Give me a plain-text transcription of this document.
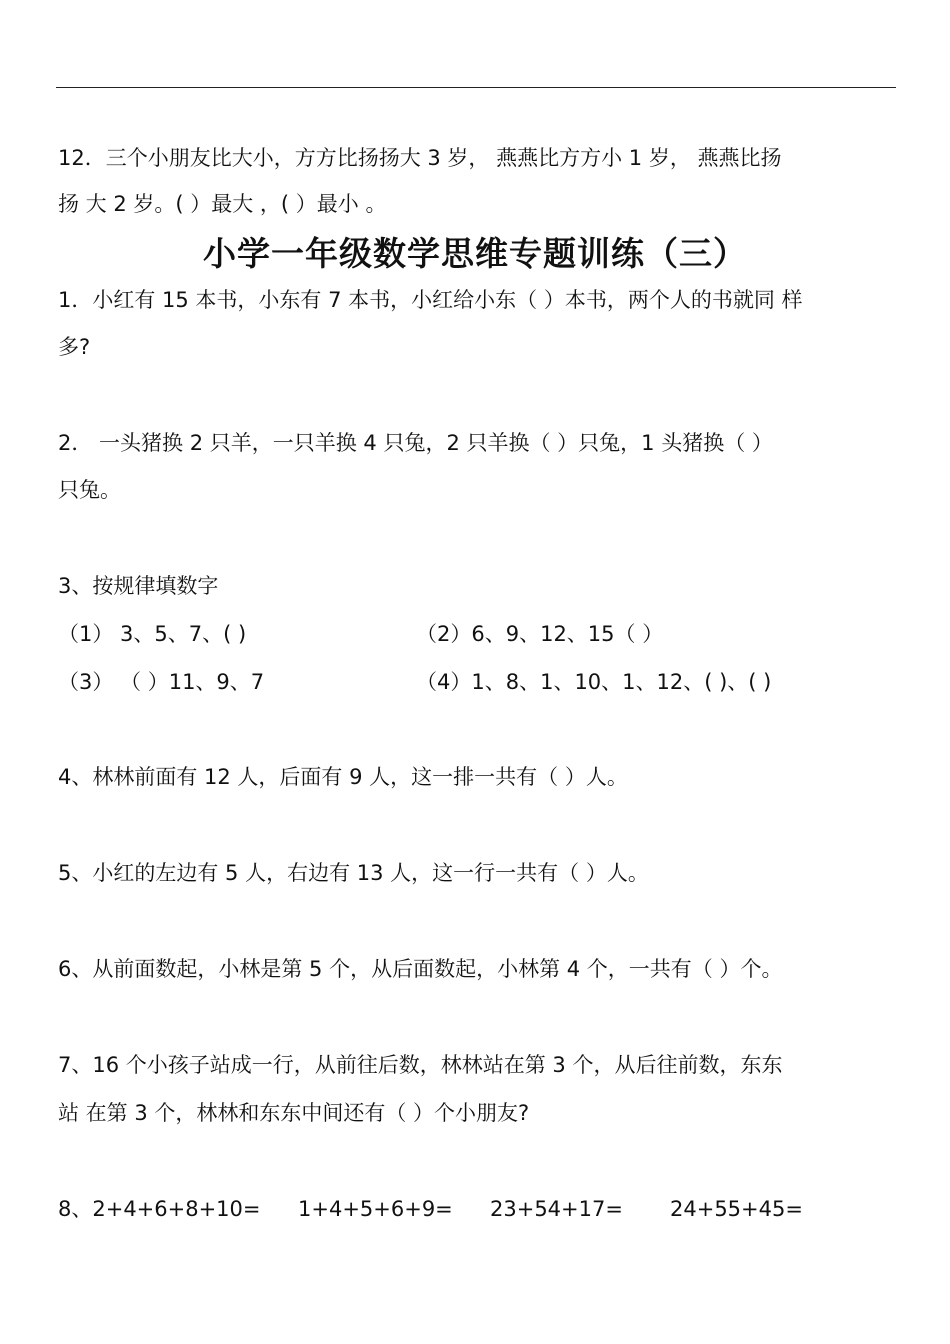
12．三个小朋友比大小，方方比扬扬大 3 岁， 燕燕比方方小 1 岁， 燕燕比扬

扬 大 2 岁。( ）最大 ，( ）最小 。

小学一年级数学思维专题训练（三）

1．小红有 15 本书，小东有 7 本书，小红给小东（ ）本书，两个人的书就同 样

多?

2． 一头猪换 2 只羊，一只羊换 4 只兔，2 只羊换（ ）只兔，1 头猪换（ ）

只兔。

3、按规律填数字

（1） 3、5、7、( )	（2）6、9、12、15（ ）

（3） （ ）11、9、7	（4）1、8、1、10、1、12、( )、( )

4、林林前面有 12 人，后面有 9 人，这一排一共有（ ）人。

5、小红的左边有 5 人，右边有 13 人，这一行一共有（ ）人。

6、从前面数起，小林是第 5 个，从后面数起，小林第 4 个，一共有（ ）个。

7、16 个小孩子站成一行，从前往后数，林林站在第 3 个，从后往前数，东东

站 在第 3 个，林林和东东中间还有（ ）个小朋友?

8、2+4+6+8+10= 1+4+5+6+9= 23+54+17= 24+55+45=
